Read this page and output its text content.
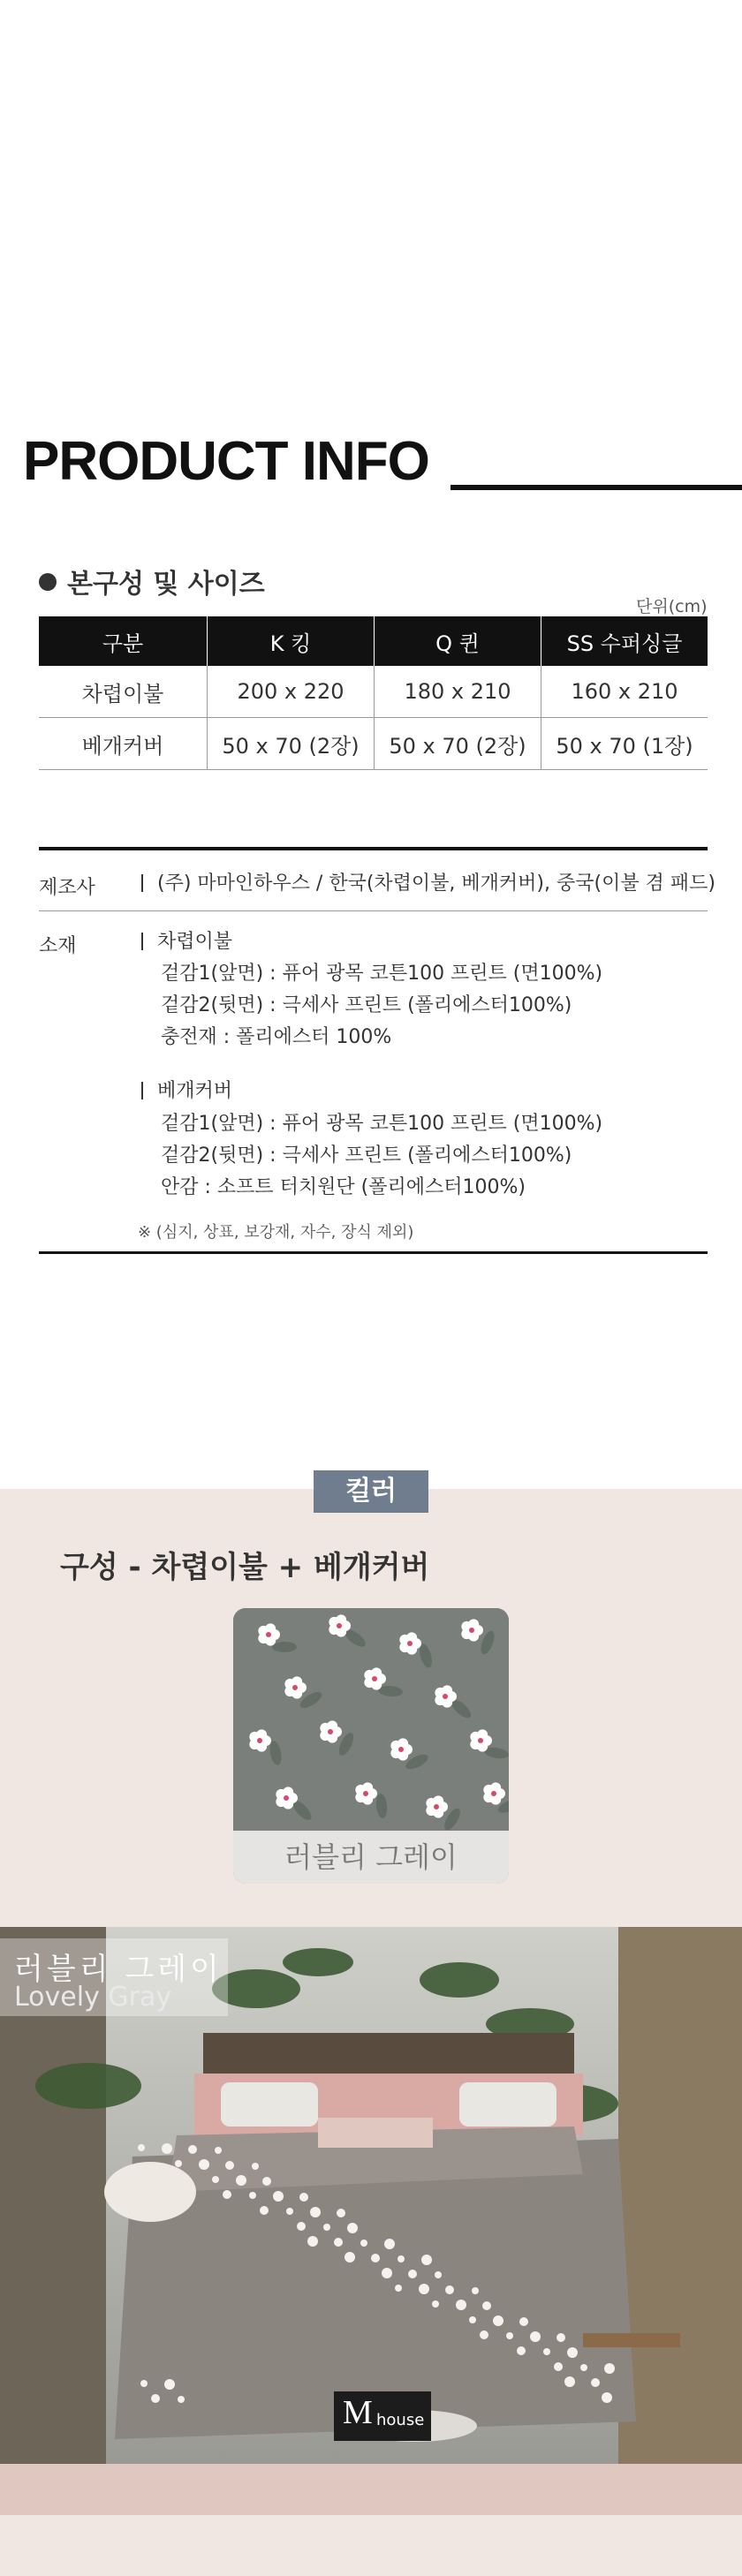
PRODUCT INFO
본구성 및 사이즈
단위(cm)
구분	K 킹	Q 퀸	SS 수퍼싱글
차렵이불	200 x 220	180 x 210	160 x 210
베개커버	50 x 70 (2장)	50 x 70 (2장)	50 x 70 (1장)
제조사	(주) 마마인하우스 / 한국(차렵이불, 베개커버), 중국(이불 겸 패드)
소재	차렵이불
겉감1(앞면) : 퓨어 광목 코튼100 프린트 (면100%)
겉감2(뒷면) : 극세사 프린트 (폴리에스터100%)
충전재 : 폴리에스터 100%
베개커버
겉감1(앞면) : 퓨어 광목 코튼100 프린트 (면100%)
겉감2(뒷면) : 극세사 프린트 (폴리에스터100%)
안감 : 소프트 터치원단 (폴리에스터100%)
※ (심지, 상표, 보강재, 자수, 장식 제외)
컬러
구성 - 차렵이불 + 베개커버
러블리 그레이
러블리 그레이
Lovely Gray
M house
